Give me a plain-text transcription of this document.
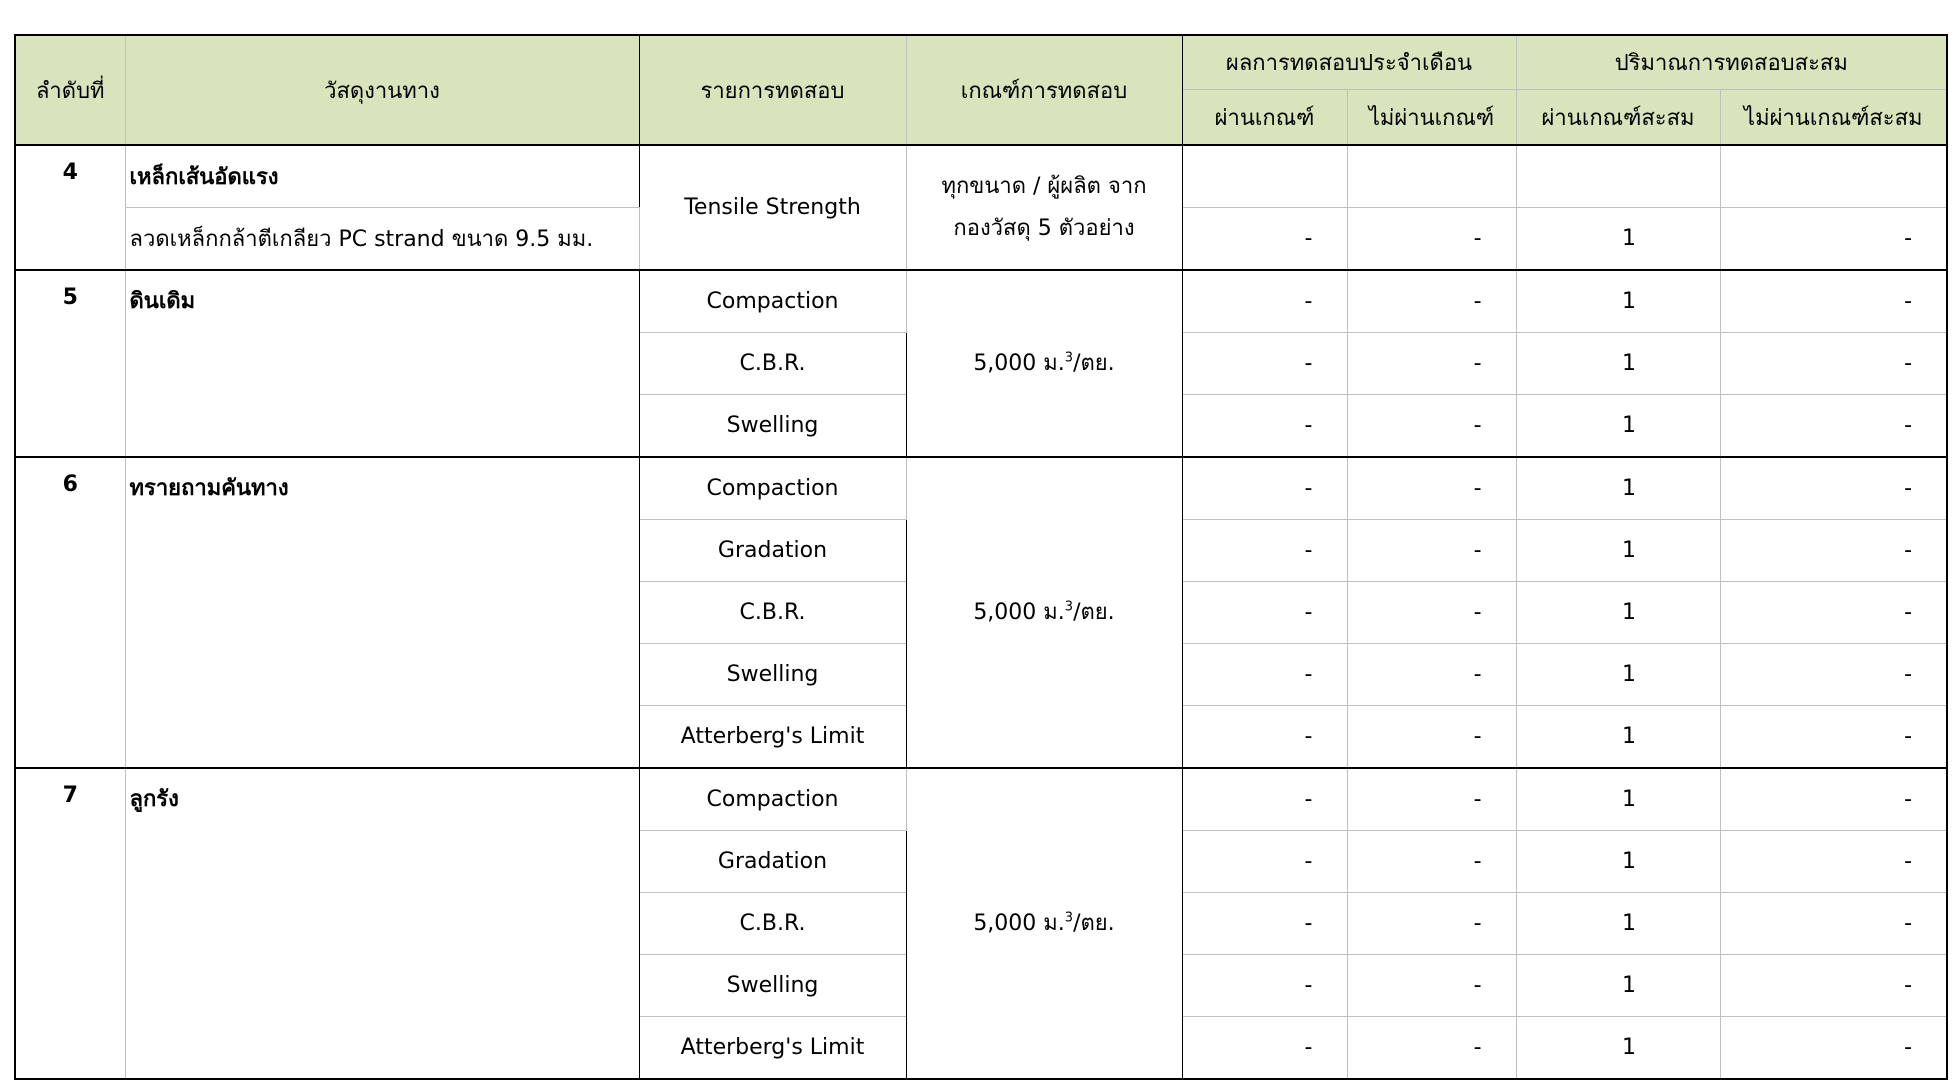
ลำดับที่	วัสดุงานทาง	รายการทดสอบ	เกณฑ์การทดสอบ	ผลการทดสอบประจำเดือน		ปริมาณการทดสอบสะสม	
				ผ่านเกณฑ์	ไม่ผ่านเกณฑ์	ผ่านเกณฑ์สะสม	ไม่ผ่านเกณฑ์สะสม
4	เหล็กเส้นอัดแรง	Tensile Strength	ทุกขนาด / ผู้ผลิต จาก
กองวัสดุ 5 ตัวอย่าง				

	ลวดเหล็กกล้าตีเกลียว PC strand ขนาด 9.5 มม.			-	-	1	-
5	ดินเดิม	Compaction	5,000 ม.$^3$/ตย.	-	-	1	-
		C.B.R.		-	-	1	-
		Swelling		-	-	1	-
6	ทรายถามคันทาง	Compaction	5,000 ม.$^3$/ตย.	-	-	1	-
		Gradation		-	-	1	-
		C.B.R.		-	-	1	-
		Swelling		-	-	1	-
		Atterberg's Limit		-	-	1	-
7	ลูกรัง	Compaction	5,000 ม.$^3$/ตย.	-	-	1	-
		Gradation		-	-	1	-
		C.B.R.		-	-	1	-
		Swelling		-	-	1	-
		Atterberg's Limit		-	-	1	-
